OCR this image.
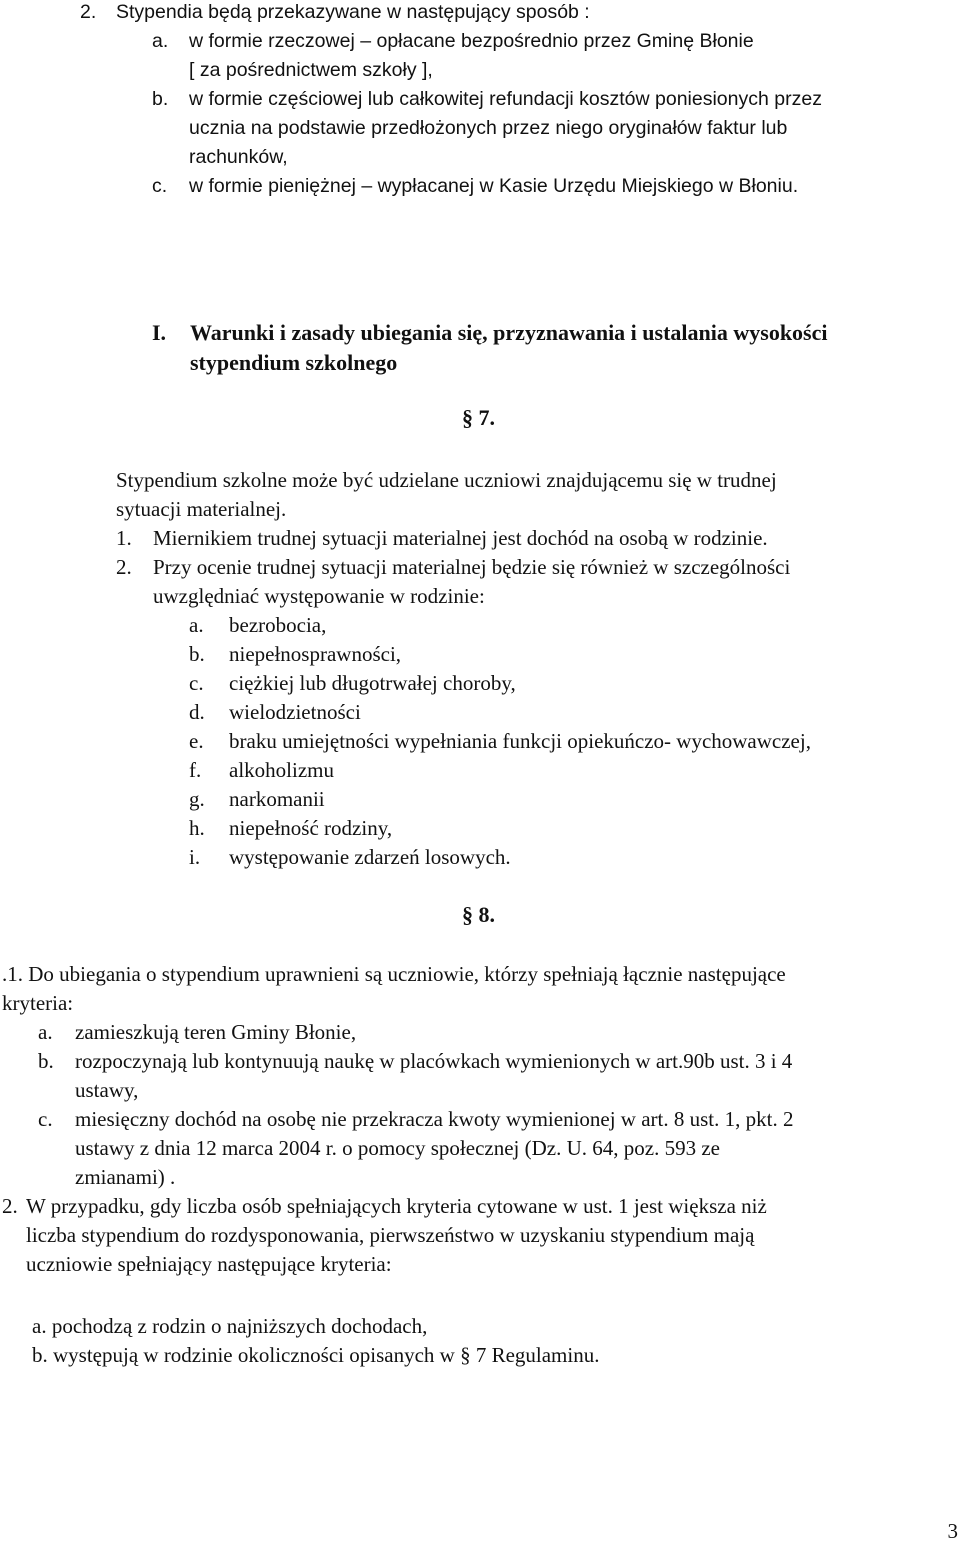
2. Stypendia będą przekazywane w następujący sposób :
a. w formie rzeczowej – opłacane bezpośrednio przez Gminę Błonie
[ za pośrednictwem szkoły ],
b. w formie częściowej lub całkowitej refundacji kosztów poniesionych przez
ucznia na podstawie przedłożonych przez niego oryginałów faktur lub
rachunków,
c. w formie pieniężnej – wypłacanej w Kasie Urzędu Miejskiego w Błoniu.
I. Warunki i zasady ubiegania się, przyznawania i ustalania wysokości
stypendium szkolnego
§ 7.
Stypendium szkolne może być udzielane uczniowi znajdującemu się w trudnej
sytuacji materialnej.
1. Miernikiem trudnej sytuacji materialnej jest dochód na osobą w rodzinie.
2. Przy ocenie trudnej sytuacji materialnej będzie się również w szczególności
uwzględniać występowanie w rodzinie:
a. bezrobocia,
b. niepełnosprawności,
c. ciężkiej lub długotrwałej choroby,
d. wielodzietności
e. braku umiejętności wypełniania funkcji opiekuńczo- wychowawczej,
f. alkoholizmu
g. narkomanii
h. niepełność rodziny,
i. występowanie zdarzeń losowych.
§ 8.
.1. Do ubiegania o stypendium uprawnieni są uczniowie, którzy spełniają łącznie następujące
kryteria:
a. zamieszkują teren Gminy Błonie,
b. rozpoczynają lub kontynuują naukę w placówkach wymienionych w art.90b ust. 3 i 4
ustawy,
c. miesięczny dochód na osobę nie przekracza kwoty wymienionej w art. 8 ust. 1, pkt. 2
ustawy z dnia 12 marca 2004 r. o pomocy społecznej (Dz. U. 64, poz. 593 ze
zmianami) .
2. W przypadku, gdy liczba osób spełniających kryteria cytowane w ust. 1 jest większa niż
liczba stypendium do rozdysponowania, pierwszeństwo w uzyskaniu stypendium mają
uczniowie spełniający następujące kryteria:
a. pochodzą z rodzin o najniższych dochodach,
b. występują w rodzinie okoliczności opisanych w § 7 Regulaminu.
3
